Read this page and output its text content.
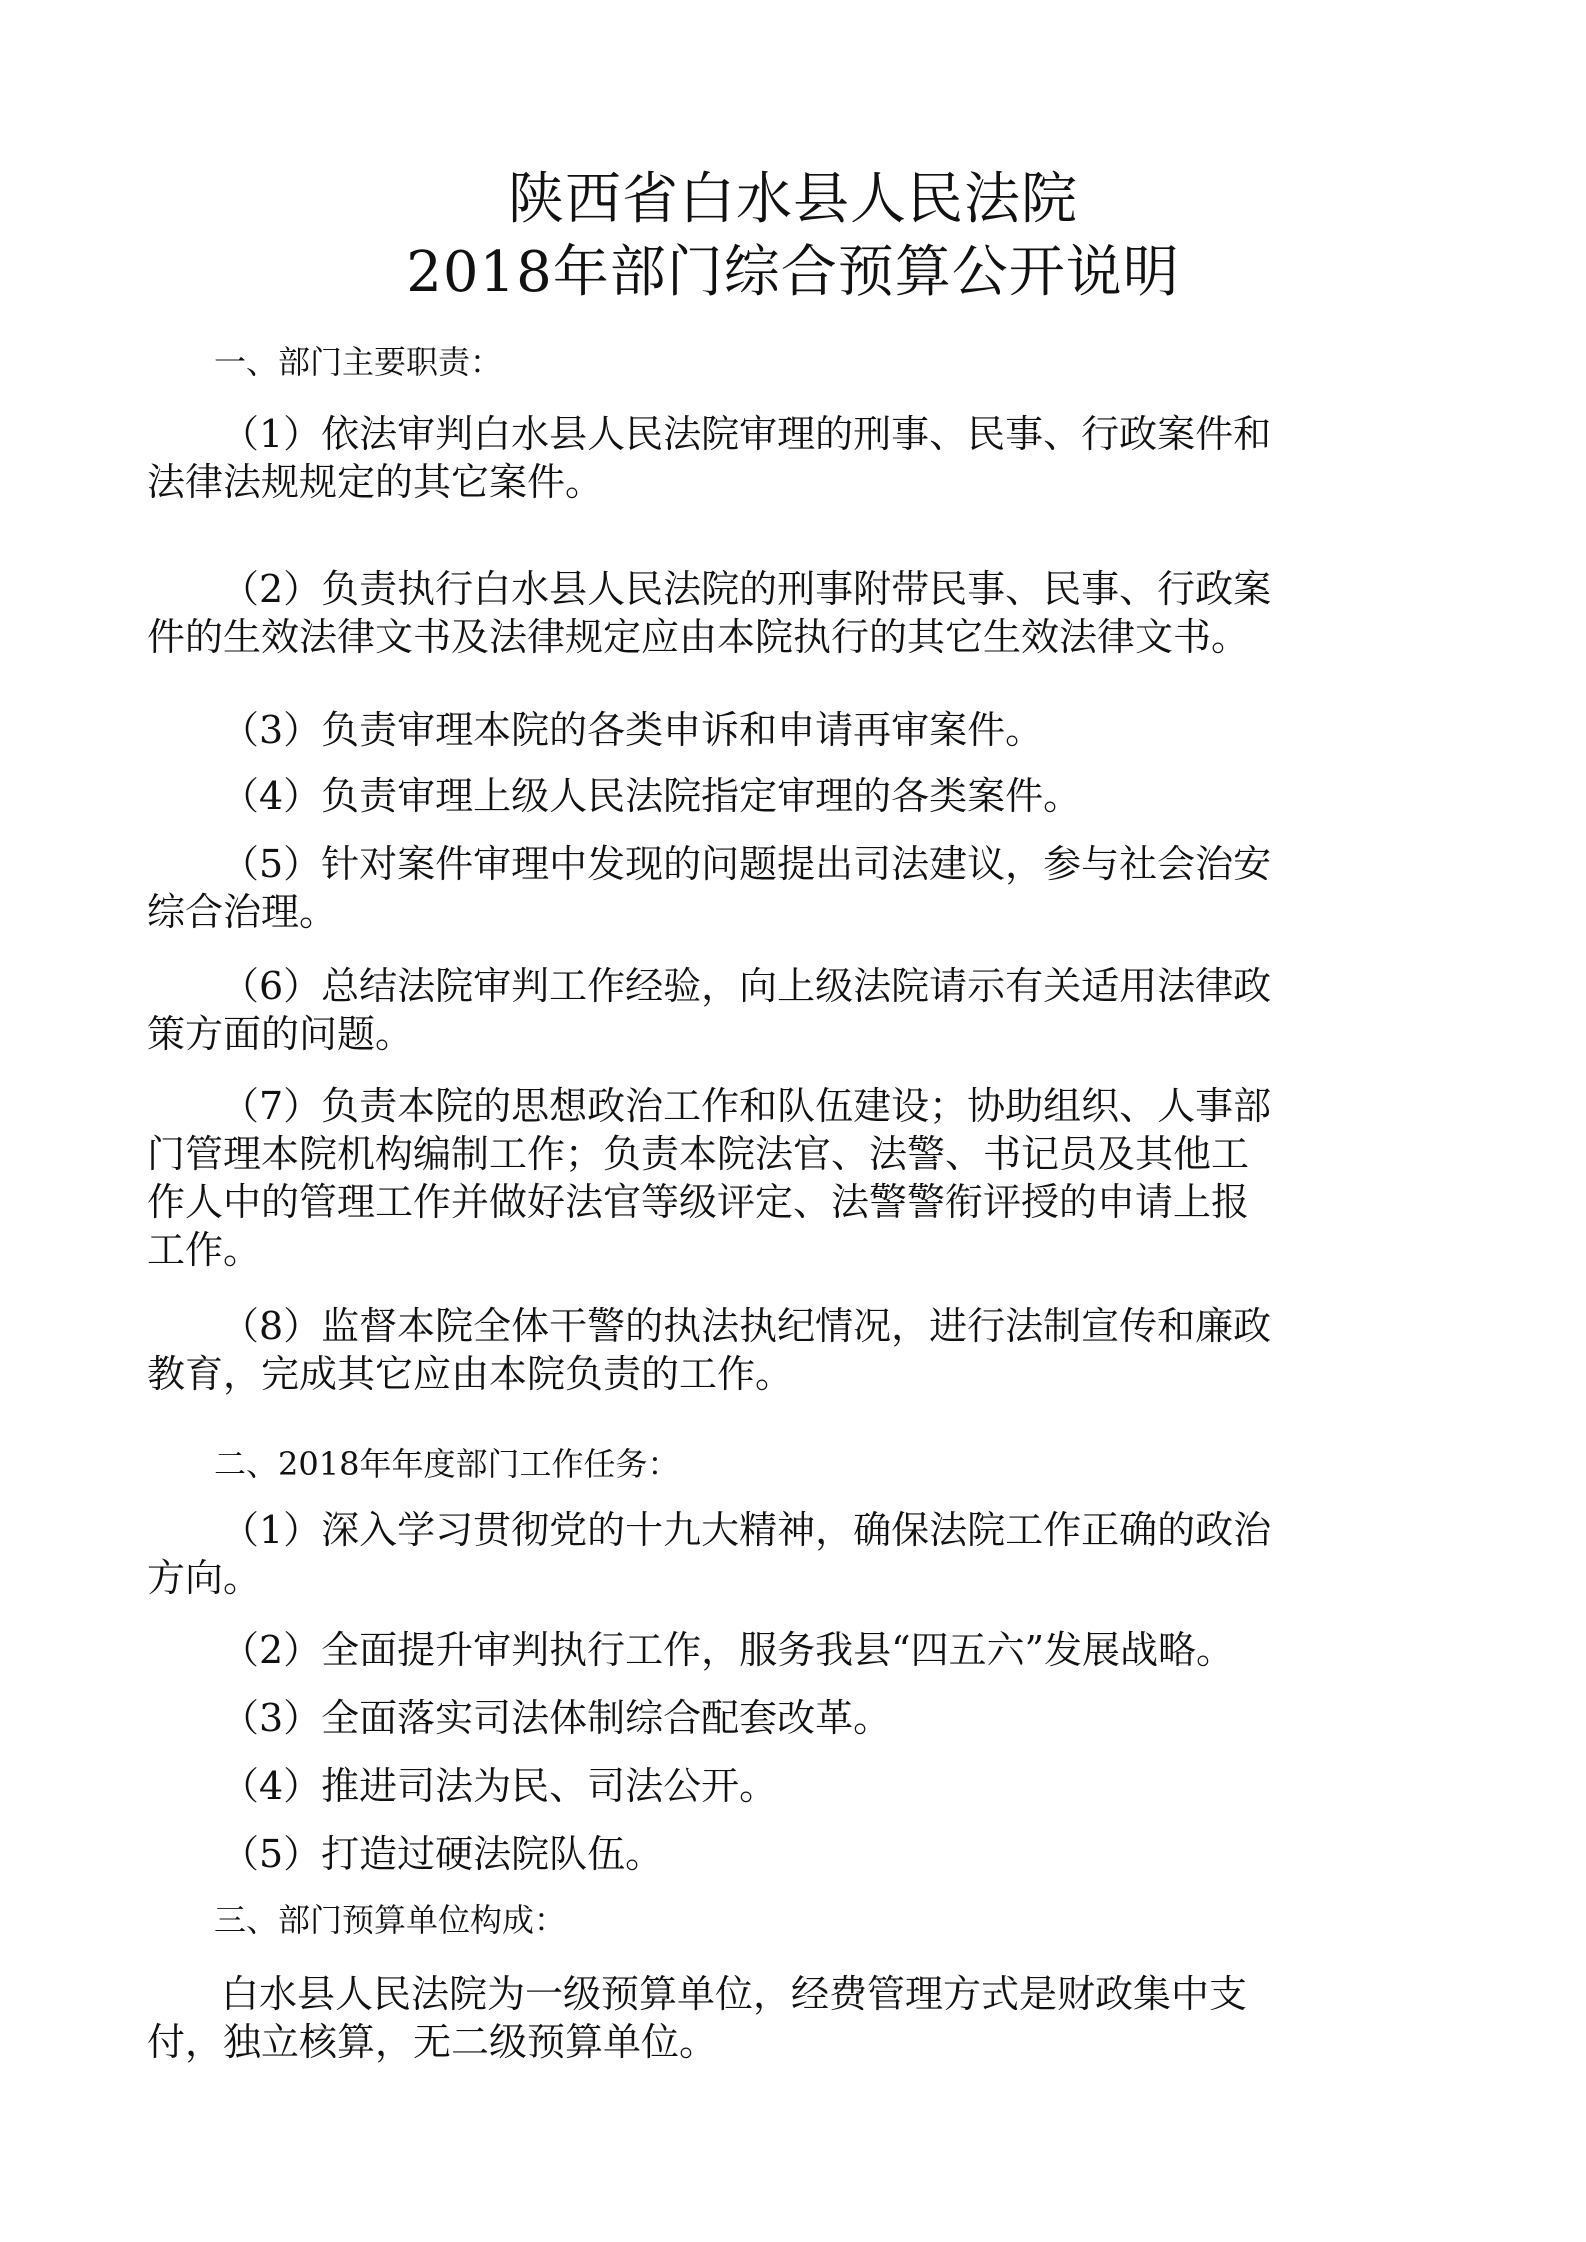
陕西省白水县人民法院
2018年部门综合预算公开说明
一、部门主要职责：
（1）依法审判白水县人民法院审理的刑事、民事、行政案件和
法律法规规定的其它案件。
（2）负责执行白水县人民法院的刑事附带民事、民事、行政案
件的生效法律文书及法律规定应由本院执行的其它生效法律文书。
（3）负责审理本院的各类申诉和申请再审案件。
（4）负责审理上级人民法院指定审理的各类案件。
（5）针对案件审理中发现的问题提出司法建议，参与社会治安
综合治理。
（6）总结法院审判工作经验，向上级法院请示有关适用法律政
策方面的问题。
（7）负责本院的思想政治工作和队伍建设；协助组织、人事部
门管理本院机构编制工作；负责本院法官、法警、书记员及其他工
作人中的管理工作并做好法官等级评定、法警警衔评授的申请上报
工作。
（8）监督本院全体干警的执法执纪情况，进行法制宣传和廉政
教育，完成其它应由本院负责的工作。
二、2018年年度部门工作任务：
（1）深入学习贯彻党的十九大精神，确保法院工作正确的政治
方向。
（2）全面提升审判执行工作，服务我县“四五六”发展战略。
（3）全面落实司法体制综合配套改革。
（4）推进司法为民、司法公开。
（5）打造过硬法院队伍。
三、部门预算单位构成：
白水县人民法院为一级预算单位，经费管理方式是财政集中支
付，独立核算，无二级预算单位。
